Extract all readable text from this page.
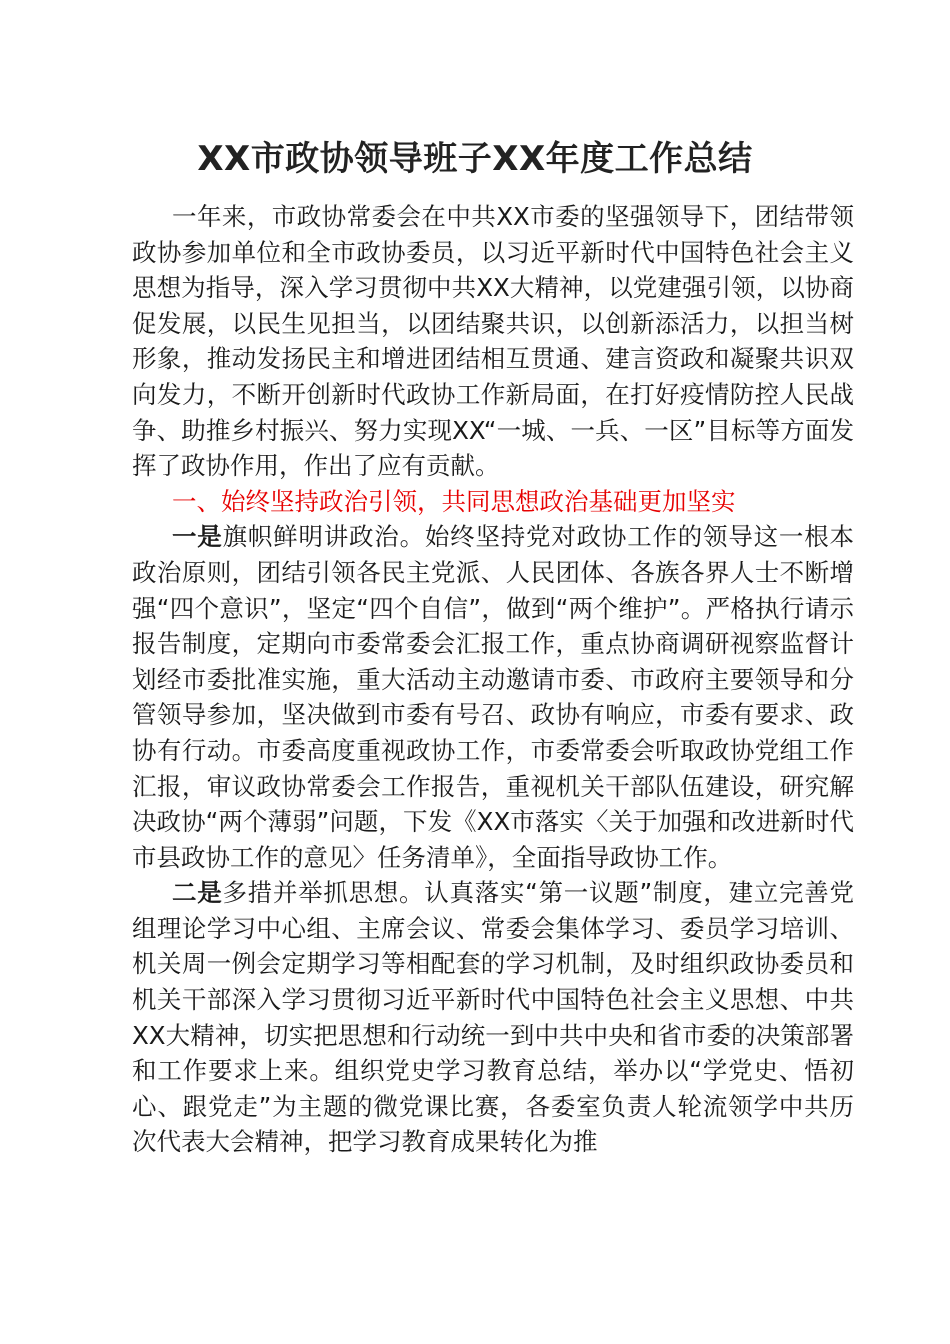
XX市政协领导班子XX年度工作总结

一年来，市政协常委会在中共XX市委的坚强领导下，团结带领政协参加单位和全市政协委员，以习近平新时代中国特色社会主义思想为指导，深入学习贯彻中共XX大精神，以党建强引领，以协商促发展，以民生见担当，以团结聚共识，以创新添活力，以担当树形象，推动发扬民主和增进团结相互贯通、建言资政和凝聚共识双向发力，不断开创新时代政协工作新局面，在打好疫情防控人民战争、助推乡村振兴、努力实现XX“一城、一兵、一区”目标等方面发挥了政协作用，作出了应有贡献。

一、始终坚持政治引领，共同思想政治基础更加坚实

一是旗帜鲜明讲政治。始终坚持党对政协工作的领导这一根本政治原则，团结引领各民主党派、人民团体、各族各界人士不断增强“四个意识”，坚定“四个自信”，做到“两个维护”。严格执行请示报告制度，定期向市委常委会汇报工作，重点协商调研视察监督计划经市委批准实施，重大活动主动邀请市委、市政府主要领导和分管领导参加，坚决做到市委有号召、政协有响应，市委有要求、政协有行动。市委高度重视政协工作，市委常委会听取政协党组工作汇报，审议政协常委会工作报告，重视机关干部队伍建设，研究解决政协“两个薄弱”问题，下发《XX市落实〈关于加强和改进新时代市县政协工作的意见〉任务清单》，全面指导政协工作。

二是多措并举抓思想。认真落实“第一议题”制度，建立完善党组理论学习中心组、主席会议、常委会集体学习、委员学习培训、机关周一例会定期学习等相配套的学习机制，及时组织政协委员和机关干部深入学习贯彻习近平新时代中国特色社会主义思想、中共XX大精神，切实把思想和行动统一到中共中央和省市委的决策部署和工作要求上来。组织党史学习教育总结，举办以“学党史、悟初心、跟党走”为主题的微党课比赛，各委室负责人轮流领学中共历次代表大会精神，把学习教育成果转化为推
